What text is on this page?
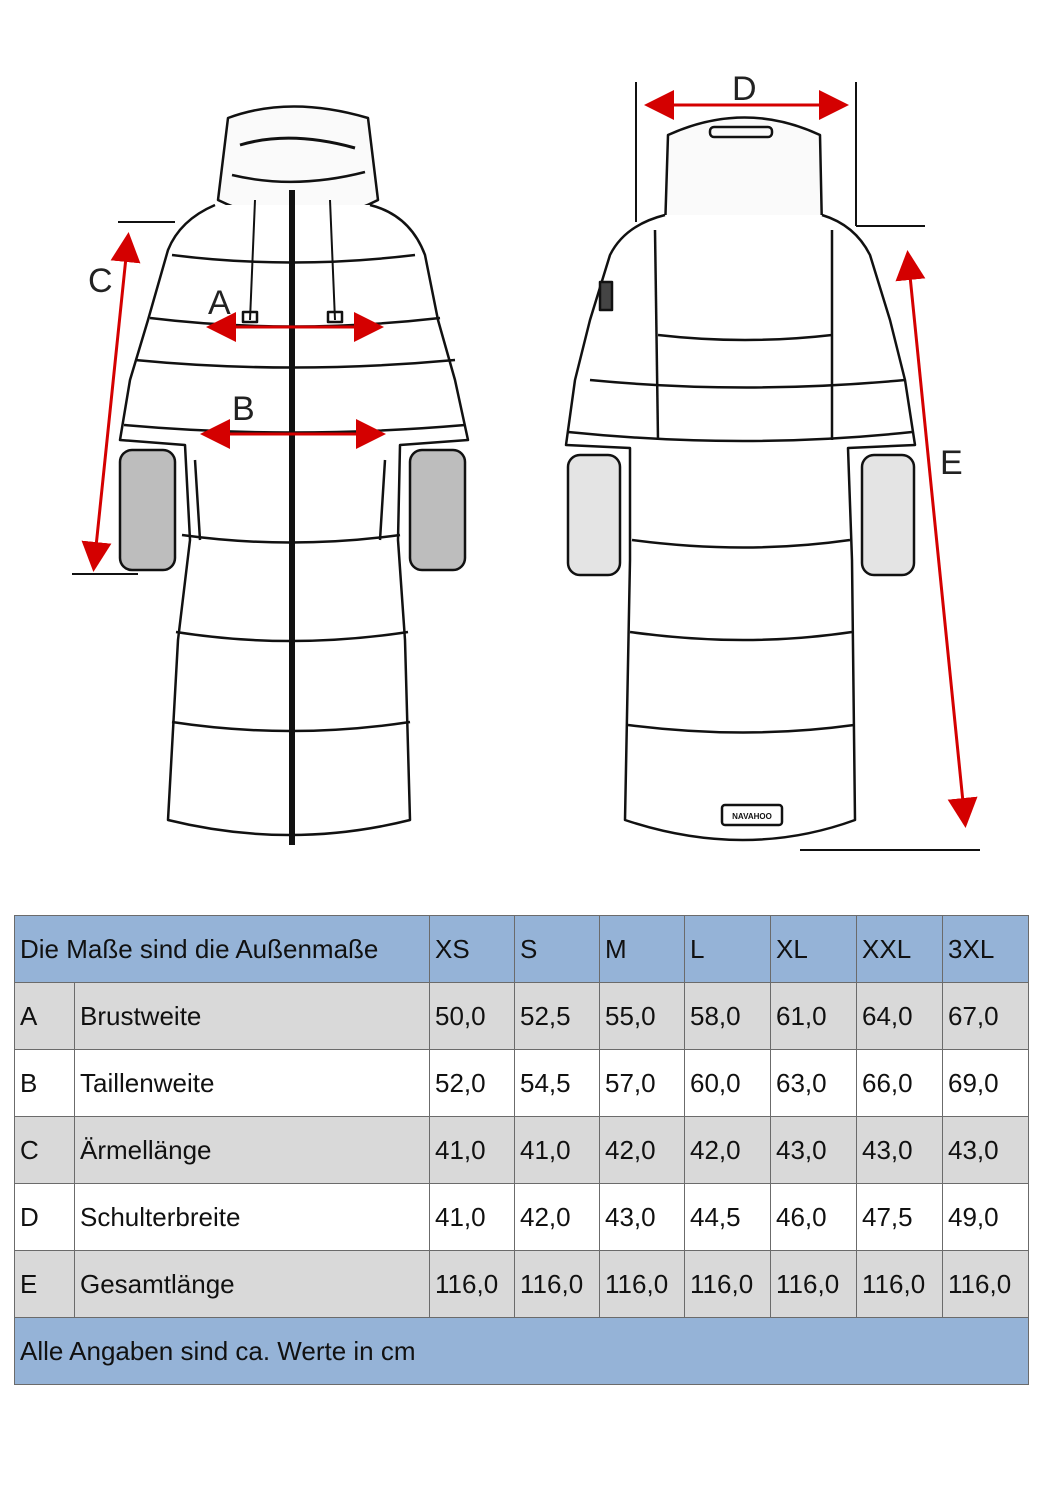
NAVAHOO
A
B
C
D
E
Die Maße sind die Außenmaße		XS	S	M	L	XL	XXL	3XL
A	Brustweite	50,0	52,5	55,0	58,0	61,0	64,0	67,0
B	Taillenweite	52,0	54,5	57,0	60,0	63,0	66,0	69,0
C	Ärmellänge	41,0	41,0	42,0	42,0	43,0	43,0	43,0
D	Schulterbreite	41,0	42,0	43,0	44,5	46,0	47,5	49,0
E	Gesamtlänge	116,0	116,0	116,0	116,0	116,0	116,0	116,0
Alle Angaben sind ca. Werte in cm								
